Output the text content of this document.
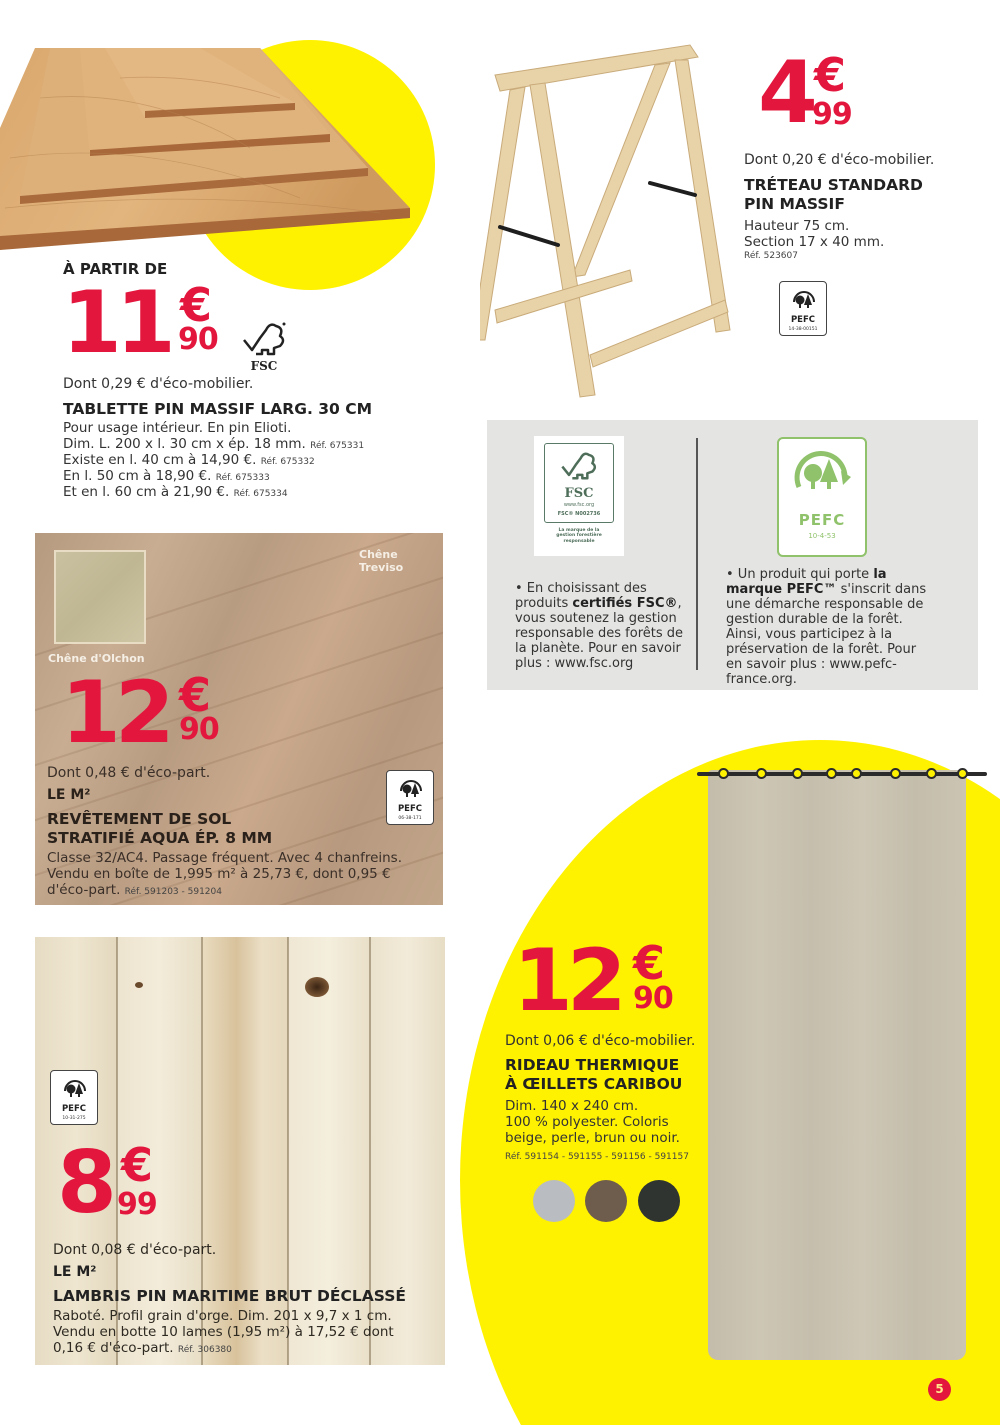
À PARTIR DE
11 €
90
FSC
Dont 0,29 € d'éco-mobilier.
TABLETTE PIN MASSIF LARG. 30 CM
Pour usage intérieur. En pin Elioti.
Dim. L. 200 x l. 30 cm x ép. 18 mm. Réf. 675331
Existe en l. 40 cm à 14,90 €. Réf. 675332
En l. 50 cm à 18,90 €. Réf. 675333
Et en l. 60 cm à 21,90 €. Réf. 675334
4 €
99
Dont 0,20 € d'éco-mobilier.
TRÉTEAU STANDARD
PIN MASSIF
Hauteur 75 cm.
Section 17 x 40 mm.
Réf. 523607
PEFC
14-38-00151
FSC
www.fsc.org
FSC® N002736
La marque de la
gestion forestière
responsable
PEFC
10-4-53
• En choisissant des produits certifiés FSC®, vous soutenez la gestion responsable des forêts de la planète. Pour en savoir plus : www.fsc.org
• Un produit qui porte la marque PEFC™ s'inscrit dans une démarche responsable de gestion durable de la forêt. Ainsi, vous participez à la préservation de la forêt. Pour en savoir plus : www.pefc-france.org.
Chêne d'Olchon
Chêne Treviso
12 €
90
Dont 0,48 € d'éco-part.
LE M²
REVÊTEMENT DE SOL
STRATIFIÉ AQUA ÉP. 8 MM
Classe 32/AC4. Passage fréquent. Avec 4 chanfreins.
Vendu en boîte de 1,995 m² à 25,73 €, dont 0,95 €
d'éco-part. Réf. 591203 - 591204
PEFC
06-38-171
PEFC
10-31-275
8 €
99
Dont 0,08 € d'éco-part.
LE M²
LAMBRIS PIN MARITIME BRUT DÉCLASSÉ
Raboté. Profil grain d'orge. Dim. 201 x 9,7 x 1 cm.
Vendu en botte 10 lames (1,95 m²) à 17,52 € dont
0,16 € d'éco-part. Réf. 306380
12 €
90
Dont 0,06 € d'éco-mobilier.
RIDEAU THERMIQUE
À ŒILLETS CARIBOU
Dim. 140 x 240 cm.
100 % polyester. Coloris
beige, perle, brun ou noir.
Réf. 591154 - 591155 - 591156 - 591157
5
